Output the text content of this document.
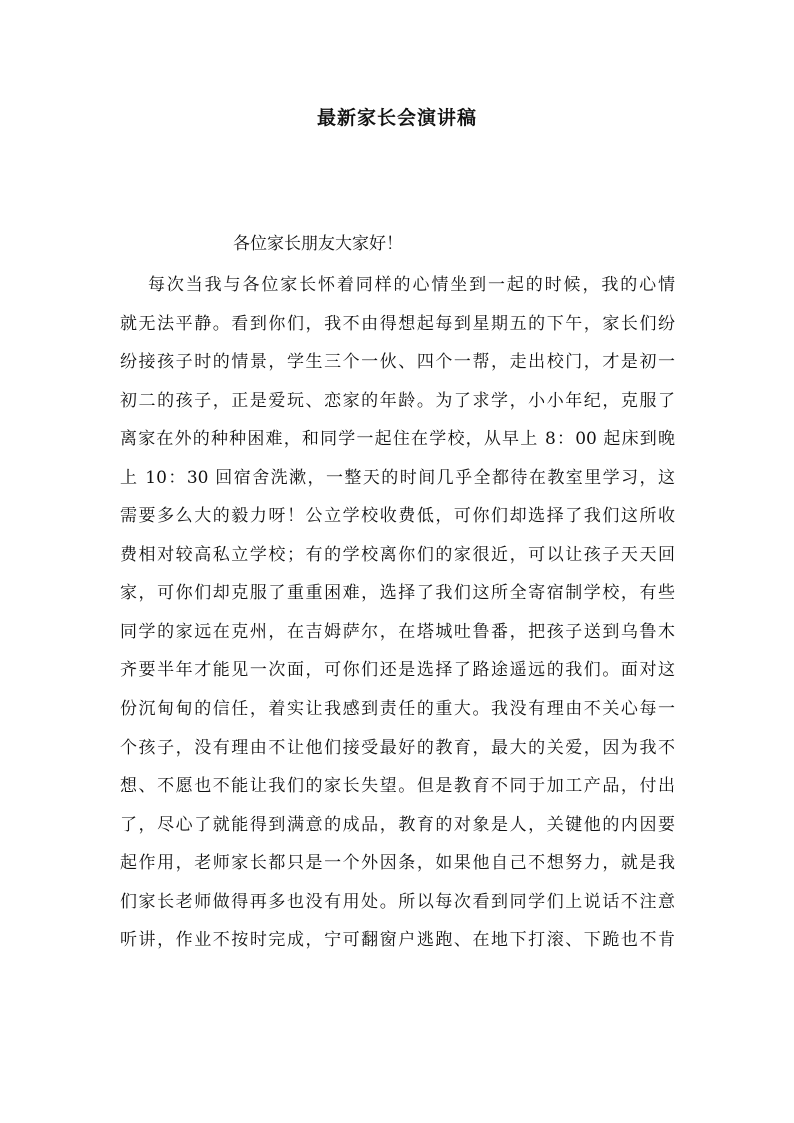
最新家长会演讲稿
各位家长朋友大家好！
每次当我与各位家长怀着同样的心情坐到一起的时候，我的心情
就无法平静。看到你们，我不由得想起每到星期五的下午，家长们纷
纷接孩子时的情景，学生三个一伙、四个一帮，走出校门，才是初一
初二的孩子，正是爱玩、恋家的年龄。为了求学，小小年纪，克服了
离家在外的种种困难，和同学一起住在学校，从早上 8：00 起床到晚
上 10：30 回宿舍洗漱，一整天的时间几乎全都待在教室里学习，这
需要多么大的毅力呀！公立学校收费低，可你们却选择了我们这所收
费相对较高私立学校；有的学校离你们的家很近，可以让孩子天天回
家，可你们却克服了重重困难，选择了我们这所全寄宿制学校，有些
同学的家远在克州，在吉姆萨尔，在塔城吐鲁番，把孩子送到乌鲁木
齐要半年才能见一次面，可你们还是选择了路途遥远的我们。面对这
份沉甸甸的信任，着实让我感到责任的重大。我没有理由不关心每一
个孩子，没有理由不让他们接受最好的教育，最大的关爱，因为我不
想、不愿也不能让我们的家长失望。但是教育不同于加工产品，付出
了，尽心了就能得到满意的成品，教育的对象是人，关键他的内因要
起作用，老师家长都只是一个外因条，如果他自己不想努力，就是我
们家长老师做得再多也没有用处。所以每次看到同学们上说话不注意
听讲，作业不按时完成，宁可翻窗户逃跑、在地下打滚、下跪也不肯
